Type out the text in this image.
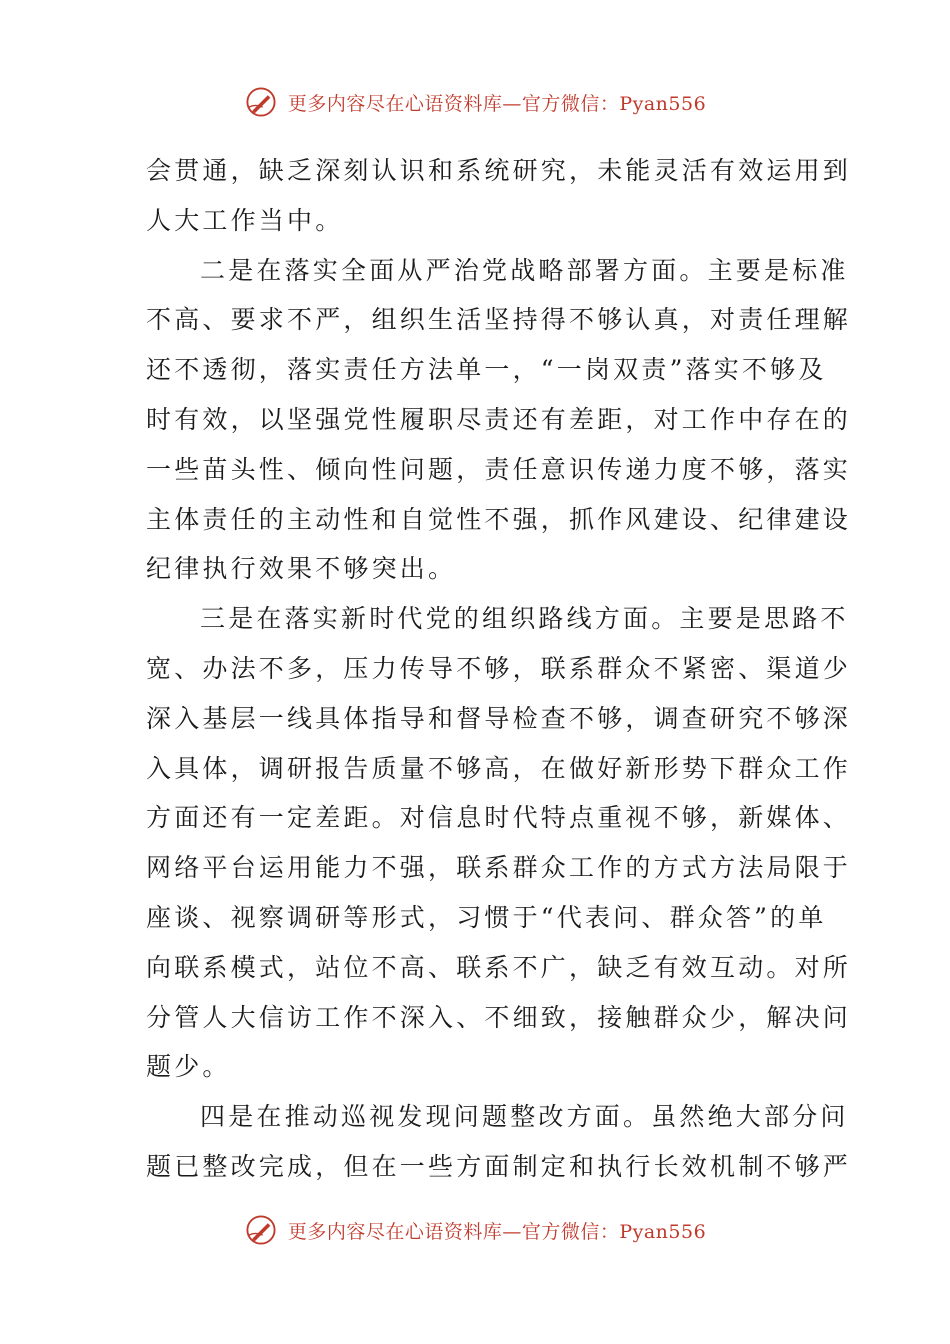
更多内容尽在心语资料库—官方微信：Pyan556
会贯通，缺乏深刻认识和系统研究，未能灵活有效运用到
人大工作当中。
二是在落实全面从严治党战略部署方面。主要是标准
不高、要求不严，组织生活坚持得不够认真，对责任理解
还不透彻，落实责任方法单一，“一岗双责”落实不够及
时有效，以坚强党性履职尽责还有差距，对工作中存在的
一些苗头性、倾向性问题，责任意识传递力度不够，落实
主体责任的主动性和自觉性不强，抓作风建设、纪律建设
纪律执行效果不够突出。
三是在落实新时代党的组织路线方面。主要是思路不
宽、办法不多，压力传导不够，联系群众不紧密、渠道少
深入基层一线具体指导和督导检查不够，调查研究不够深
入具体，调研报告质量不够高，在做好新形势下群众工作
方面还有一定差距。对信息时代特点重视不够，新媒体、
网络平台运用能力不强，联系群众工作的方式方法局限于
座谈、视察调研等形式，习惯于“代表问、群众答”的单
向联系模式，站位不高、联系不广，缺乏有效互动。对所
分管人大信访工作不深入、不细致，接触群众少，解决问
题少。
四是在推动巡视发现问题整改方面。虽然绝大部分问
题已整改完成，但在一些方面制定和执行长效机制不够严
更多内容尽在心语资料库—官方微信：Pyan556
